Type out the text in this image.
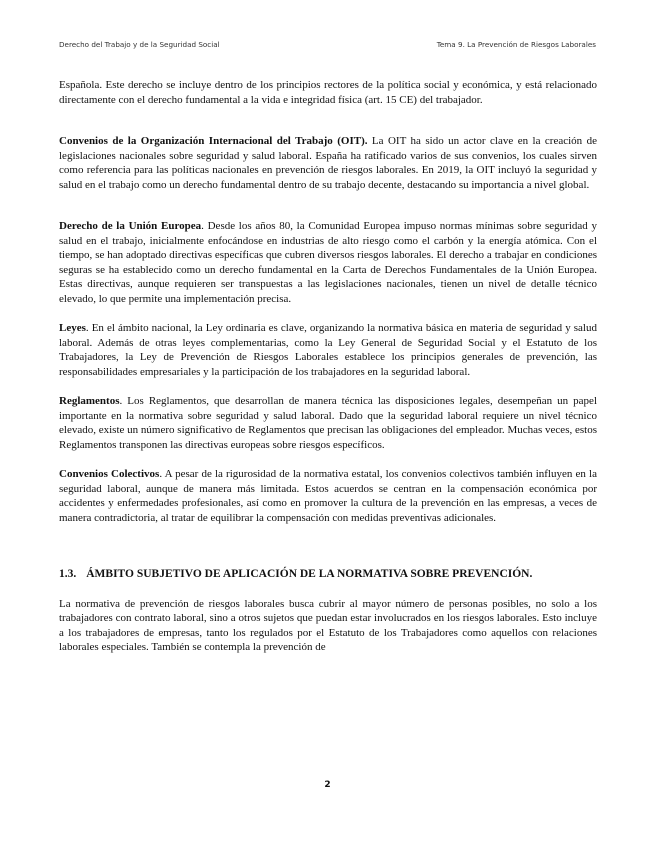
Derecho del Trabajo y de la Seguridad Social	Tema 9. La Prevención de Riesgos Laborales

Española. Este derecho se incluye dentro de los principios rectores de la política social y económica, y está relacionado directamente con el derecho fundamental a la vida e integridad física (art. 15 CE) del trabajador.

Convenios de la Organización Internacional del Trabajo (OIT). La OIT ha sido un actor clave en la creación de legislaciones nacionales sobre seguridad y salud laboral. España ha ratificado varios de sus convenios, los cuales sirven como referencia para las políticas nacionales en prevención de riesgos laborales. En 2019, la OIT incluyó la seguridad y salud en el trabajo como un derecho fundamental dentro de su trabajo decente, destacando su importancia a nivel global.

Derecho de la Unión Europea. Desde los años 80, la Comunidad Europea impuso normas mínimas sobre seguridad y salud en el trabajo, inicialmente enfocándose en industrias de alto riesgo como el carbón y la energía atómica. Con el tiempo, se han adoptado directivas específicas que cubren diversos riesgos laborales. El derecho a trabajar en condiciones seguras se ha establecido como un derecho fundamental en la Carta de Derechos Fundamentales de la Unión Europea. Estas directivas, aunque requieren ser transpuestas a las legislaciones nacionales, tienen un nivel de detalle técnico elevado, lo que permite una implementación precisa.

Leyes. En el ámbito nacional, la Ley ordinaria es clave, organizando la normativa básica en materia de seguridad y salud laboral. Además de otras leyes complementarias, como la Ley General de Seguridad Social y el Estatuto de los Trabajadores, la Ley de Prevención de Riesgos Laborales establece los principios generales de prevención, las responsabilidades empresariales y la participación de los trabajadores en la seguridad laboral.

Reglamentos. Los Reglamentos, que desarrollan de manera técnica las disposiciones legales, desempeñan un papel importante en la normativa sobre seguridad y salud laboral. Dado que la seguridad laboral requiere un nivel técnico elevado, existe un número significativo de Reglamentos que precisan las obligaciones del empleador. Muchas veces, estos Reglamentos transponen las directivas europeas sobre riesgos específicos.

Convenios Colectivos. A pesar de la rigurosidad de la normativa estatal, los convenios colectivos también influyen en la seguridad laboral, aunque de manera más limitada. Estos acuerdos se centran en la compensación económica por accidentes y enfermedades profesionales, así como en promover la cultura de la prevención en las empresas, a veces de manera contradictoria, al tratar de equilibrar la compensación con medidas preventivas adicionales.

1.3. ÁMBITO SUBJETIVO DE APLICACIÓN DE LA NORMATIVA SOBRE PREVENCIÓN.

La normativa de prevención de riesgos laborales busca cubrir al mayor número de personas posibles, no solo a los trabajadores con contrato laboral, sino a otros sujetos que puedan estar involucrados en los riesgos laborales. Esto incluye a los trabajadores de empresas, tanto los regulados por el Estatuto de los Trabajadores como aquellos con relaciones laborales especiales. También se contempla la prevención de

2
